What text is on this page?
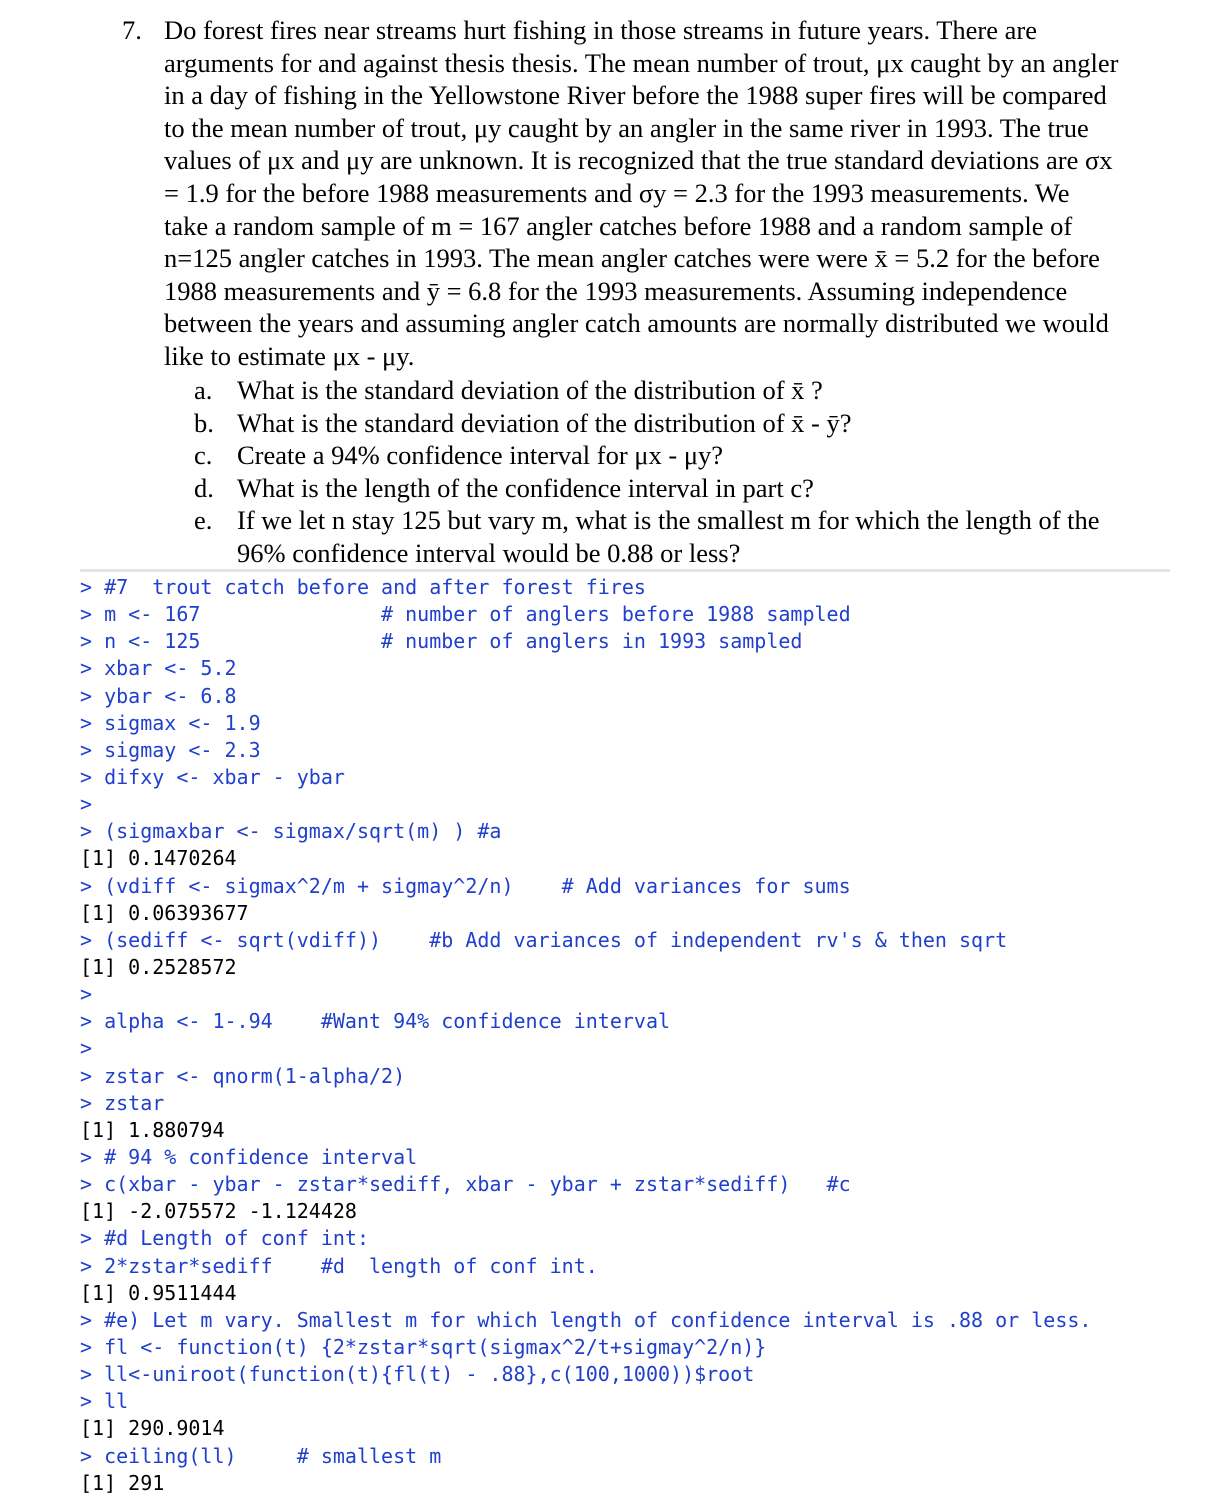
7. Do forest fires near streams hurt fishing in those streams in future years. There are
arguments for and against thesis thesis. The mean number of trout, μx caught by an angler
in a day of fishing in the Yellowstone River before the 1988 super fires will be compared
to the mean number of trout, μy caught by an angler in the same river in 1993. The true
values of μx and μy are unknown. It is recognized that the true standard deviations are σx
= 1.9 for the before 1988 measurements and σy = 2.3 for the 1993 measurements. We
take a random sample of m = 167 angler catches before 1988 and a random sample of
n=125 angler catches in 1993. The mean angler catches were were x̄ = 5.2 for the before
1988 measurements and ȳ = 6.8 for the 1993 measurements. Assuming independence
between the years and assuming angler catch amounts are normally distributed we would
like to estimate μx - μy.
a. What is the standard deviation of the distribution of x̄ ?
b. What is the standard deviation of the distribution of x̄ - ȳ?
c. Create a 94% confidence interval for μx - μy?
d. What is the length of the confidence interval in part c?
e. If we let n stay 125 but vary m, what is the smallest m for which the length of the
96% confidence interval would be 0.88 or less?
> #7  trout catch before and after forest fires
> m <- 167               # number of anglers before 1988 sampled
> n <- 125               # number of anglers in 1993 sampled
> xbar <- 5.2
> ybar <- 6.8
> sigmax <- 1.9
> sigmay <- 2.3
> difxy <- xbar - ybar
>
> (sigmaxbar <- sigmax/sqrt(m) ) #a
[1] 0.1470264
> (vdiff <- sigmax^2/m + sigmay^2/n)    # Add variances for sums
[1] 0.06393677
> (sediff <- sqrt(vdiff))    #b Add variances of independent rv's & then sqrt
[1] 0.2528572
>
> alpha <- 1-.94    #Want 94% confidence interval
>
> zstar <- qnorm(1-alpha/2)
> zstar
[1] 1.880794
> # 94 % confidence interval
> c(xbar - ybar - zstar*sediff, xbar - ybar + zstar*sediff)   #c
[1] -2.075572 -1.124428
> #d Length of conf int:
> 2*zstar*sediff    #d  length of conf int.
[1] 0.9511444
> #e) Let m vary. Smallest m for which length of confidence interval is .88 or less.
> fl <- function(t) {2*zstar*sqrt(sigmax^2/t+sigmay^2/n)}
> ll<-uniroot(function(t){fl(t) - .88},c(100,1000))$root
> ll
[1] 290.9014
> ceiling(ll)     # smallest m
[1] 291
